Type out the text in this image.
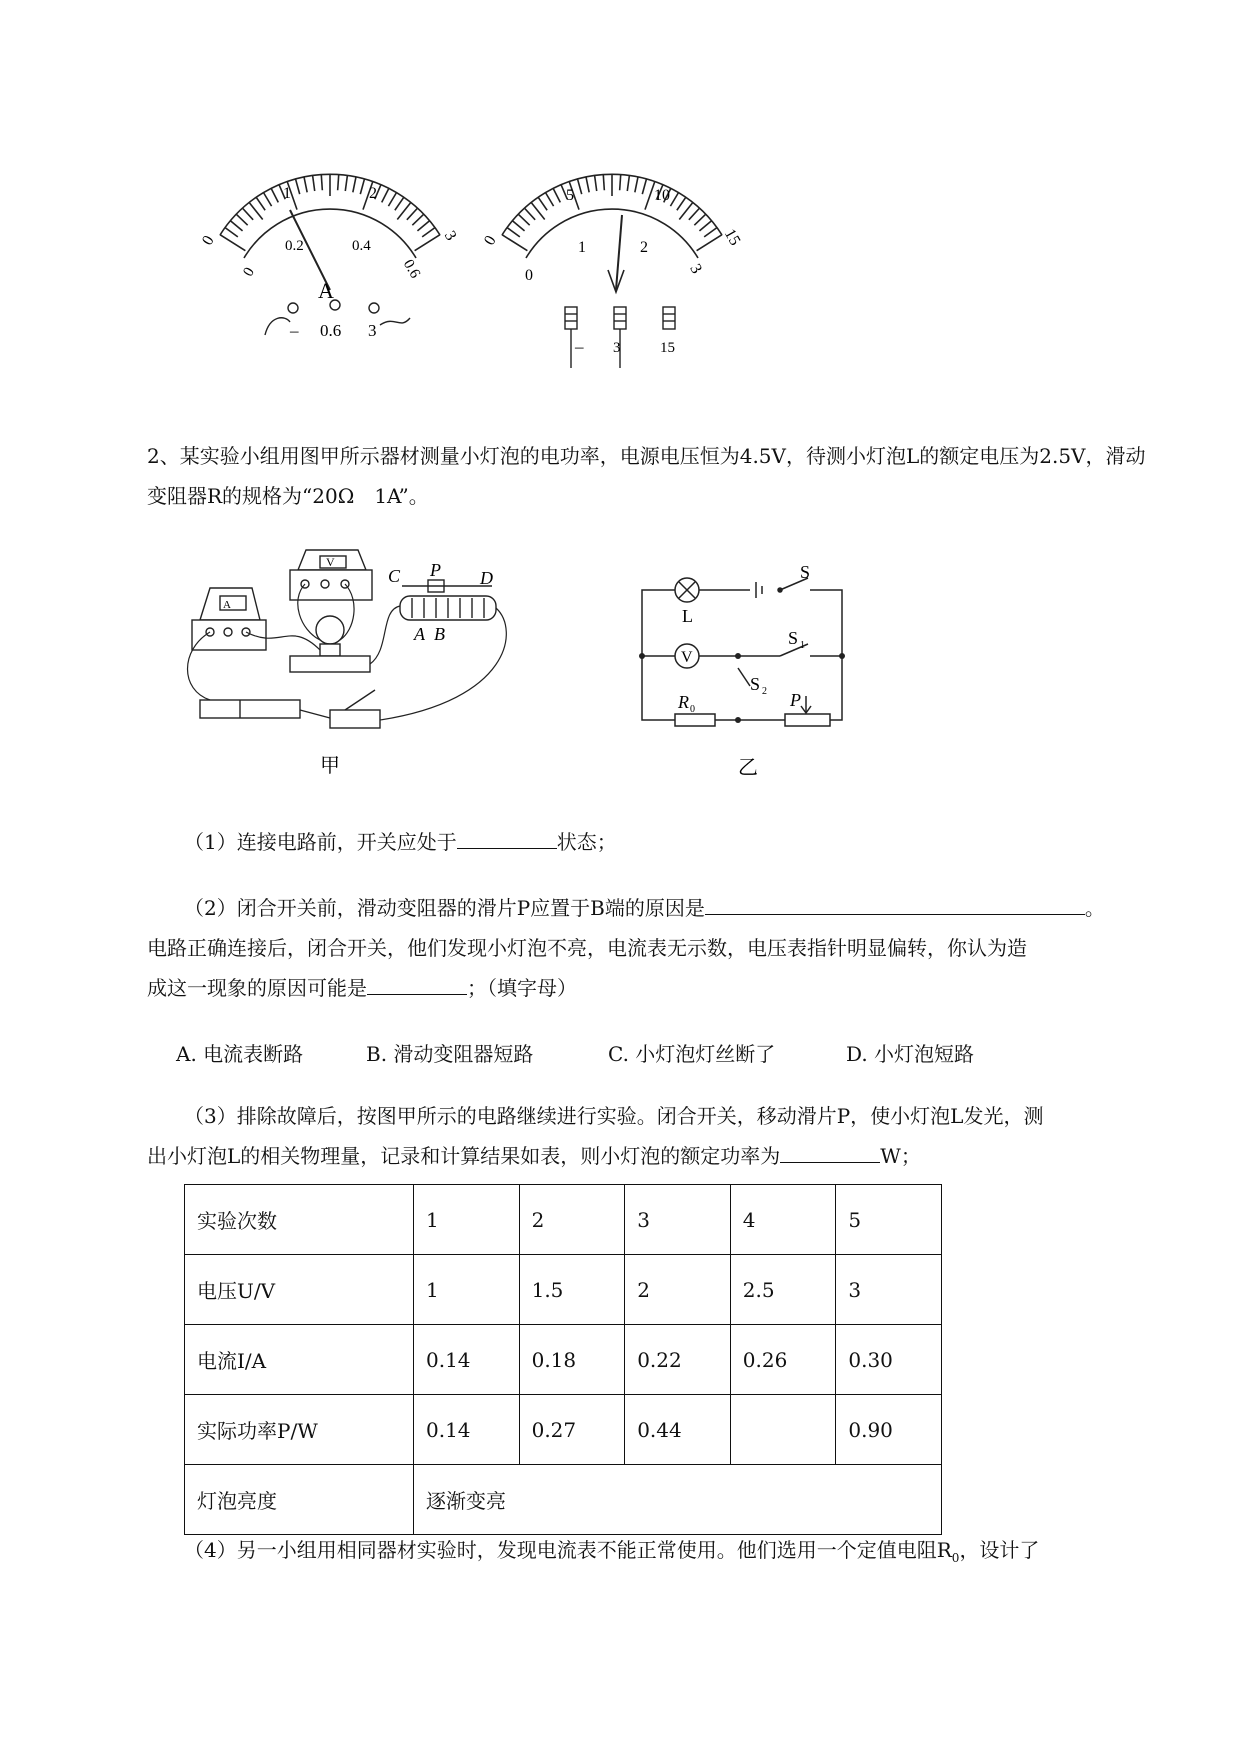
0
1	2
3
0
0.2	0.4
0.6
A
– 0.6 3
0
5	10
15
0
1	2
3
– 3	15
2、某实验小组用图甲所示器材测量小灯泡的电功率，电源电压恒为4.5V，待测小灯泡L的额定电压为2.5V，滑动变阻器R的规格为“20Ω　1A”。
A
V
C P D
A B
甲
L
V
S
S 1
S 2
R 0	P
乙
（1）连接电路前，开关应处于	状态；
（2）闭合开关前，滑动变阻器的滑片P应置于B端的原因是	。
电路正确连接后，闭合开关，他们发现小灯泡不亮，电流表无示数，电压表指针明显偏转，你认为造
成这一现象的原因可能是	；（填字母）
A. 电流表断路	B. 滑动变阻器短路	C. 小灯泡灯丝断了	D. 小灯泡短路
（3）排除故障后，按图甲所示的电路继续进行实验。闭合开关，移动滑片P，使小灯泡L发光，测
出小灯泡L的相关物理量，记录和计算结果如表，则小灯泡的额定功率为	W；
实验次数	1	2	3	4	5
电压U/V	1	1.5	2	2.5	3
电流I/A	0.14	0.18	0.22	0.26	0.30
实际功率P/W	0.14	0.27	0.44		0.90
灯泡亮度	逐渐变亮				
（4）另一小组用相同器材实验时，发现电流表不能正常使用。他们选用一个定值电阻$R_0$，设计了
